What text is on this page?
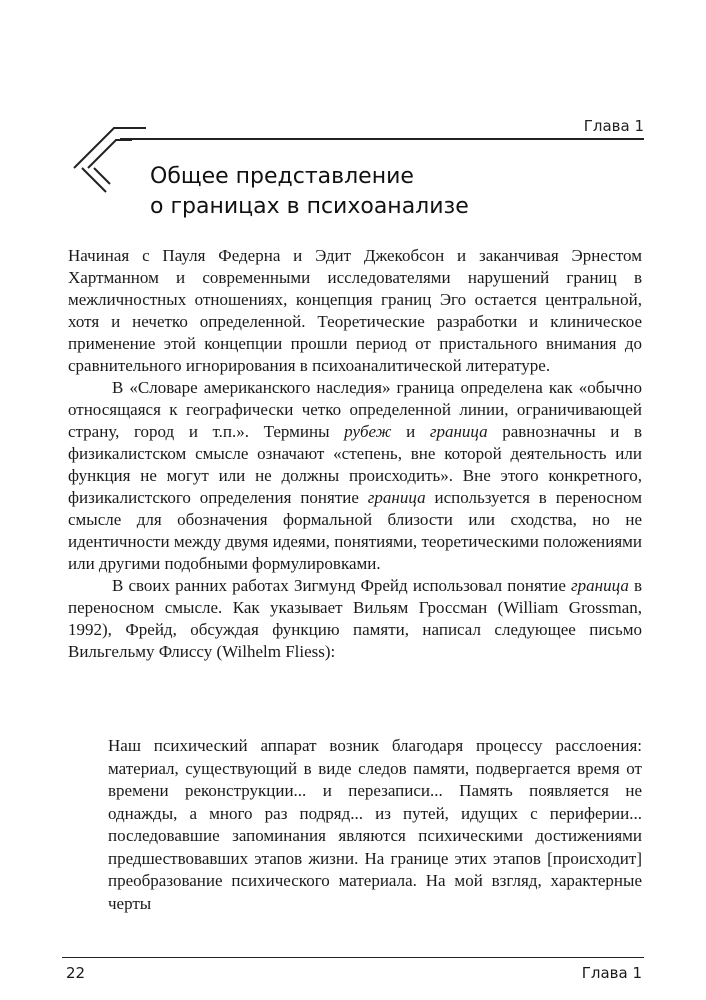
Глава 1
Общее представление
о границах в психоанализе

Начиная с Пауля Федерна и Эдит Джекобсон и заканчивая Эрнестом Хартманном и современными исследователями нарушений границ в межличностных отношениях, концепция границ Эго остается центральной, хотя и нечетко определенной. Теоретические разработки и клиническое применение этой концепции прошли период от пристального внимания до сравнительного игнорирования в психоаналитической литературе.

В «Словаре американского наследия» граница определена как «обычно относящаяся к географически четко определенной линии, ограничивающей страну, город и т.п.». Термины рубеж и граница равнозначны и в физикалистском смысле означают «степень, вне которой деятельность или функция не могут или не должны происходить». Вне этого конкретного, физикалистского определения понятие граница используется в переносном смысле для обозначения формальной близости или сходства, но не идентичности между двумя идеями, понятиями, теоретическими положениями или другими подобными формулировками.

В своих ранних работах Зигмунд Фрейд использовал понятие граница в переносном смысле. Как указывает Вильям Гроссман (William Grossman, 1992), Фрейд, обсуждая функцию памяти, написал следующее письмо Вильгельму Флиссу (Wilhelm Fliess):

Наш психический аппарат возник благодаря процессу расслоения: материал, существующий в виде следов памяти, подвергается время от времени реконструкции... и перезаписи... Память появляется не однажды, а много раз подряд... из путей, идущих с периферии... последовавшие запоминания являются психическими достижениями предшествовавших этапов жизни. На границе этих этапов [происходит] преобразование психического материала. На мой взгляд, характерные черты
22	Глава 1
